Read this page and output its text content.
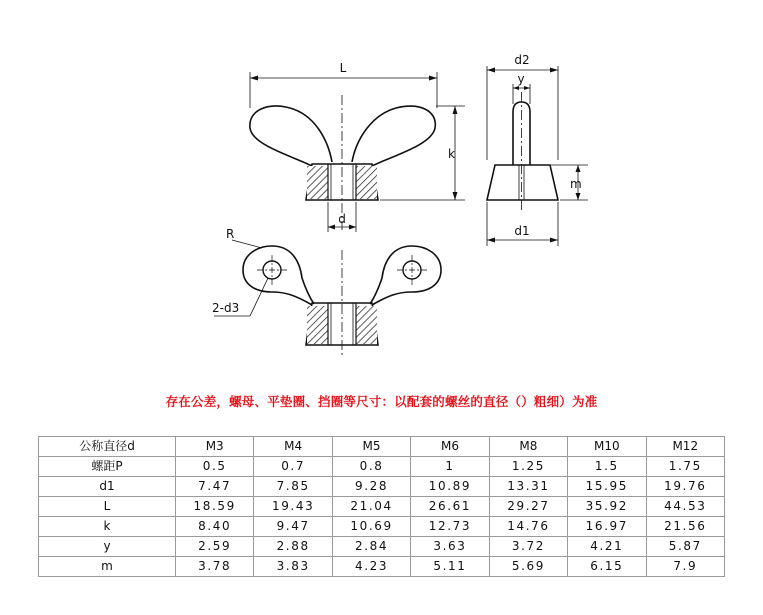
L
k
d
d2
y
m
d1
R
2-d3
存在公差，螺母、平垫圈、挡圈等尺寸：以配套的螺丝的直径（）粗细）为准
公称直径d	M3	M4	M5	M6	M8	M10	M12
螺距P	0.5	0.7	0.8	1	1.25	1.5	1.75
d1	7.47	7.85	9.28	10.89	13.31	15.95	19.76
L	18.59	19.43	21.04	26.61	29.27	35.92	44.53
k	8.40	9.47	10.69	12.73	14.76	16.97	21.56
y	2.59	2.88	2.84	3.63	3.72	4.21	5.87
m	3.78	3.83	4.23	5.11	5.69	6.15	7.9
